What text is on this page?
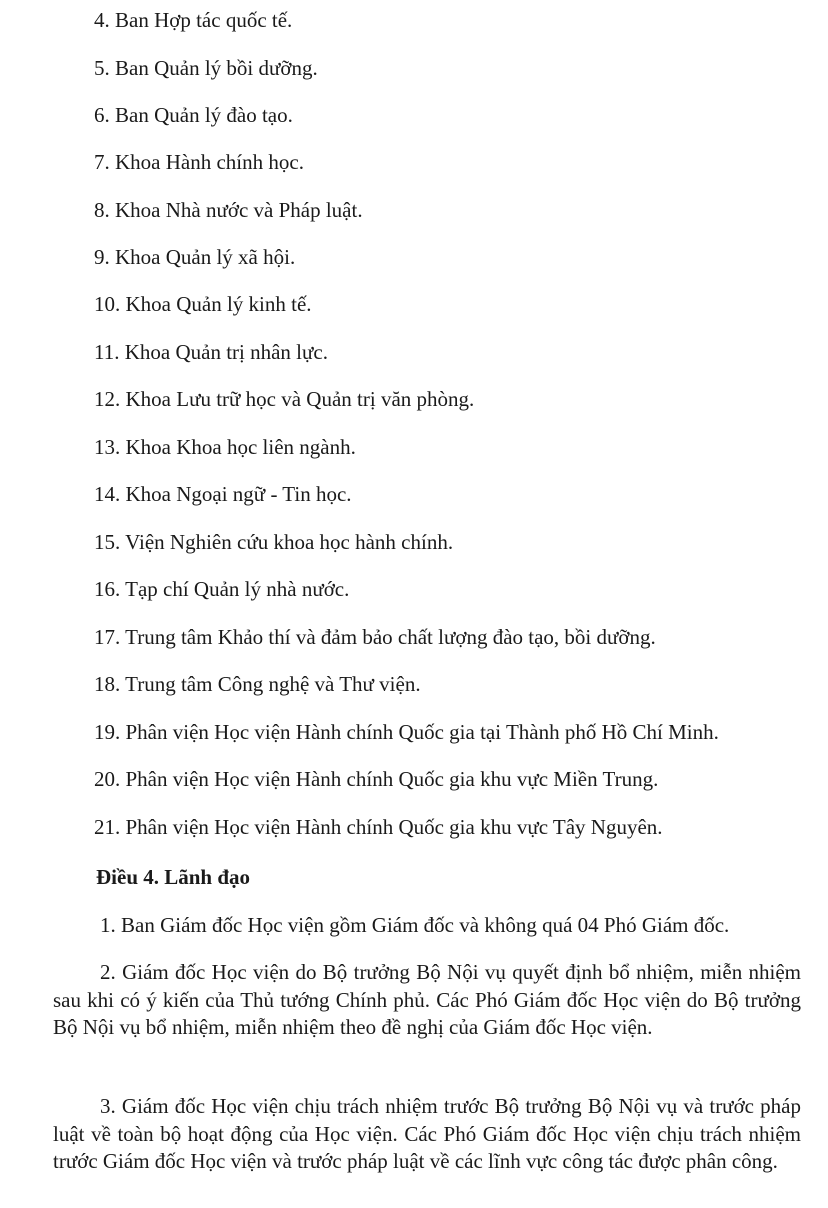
4. Ban Hợp tác quốc tế.
5. Ban Quản lý bồi dưỡng.
6. Ban Quản lý đào tạo.
7. Khoa Hành chính học.
8. Khoa Nhà nước và Pháp luật.
9. Khoa Quản lý xã hội.
10. Khoa Quản lý kinh tế.
11. Khoa Quản trị nhân lực.
12. Khoa Lưu trữ học và Quản trị văn phòng.
13. Khoa Khoa học liên ngành.
14. Khoa Ngoại ngữ - Tin học.
15. Viện Nghiên cứu khoa học hành chính.
16. Tạp chí Quản lý nhà nước.
17. Trung tâm Khảo thí và đảm bảo chất lượng đào tạo, bồi dưỡng.
18. Trung tâm Công nghệ và Thư viện.
19. Phân viện Học viện Hành chính Quốc gia tại Thành phố Hồ Chí Minh.
20. Phân viện Học viện Hành chính Quốc gia khu vực Miền Trung.
21. Phân viện Học viện Hành chính Quốc gia khu vực Tây Nguyên.
Điều 4. Lãnh đạo
1. Ban Giám đốc Học viện gồm Giám đốc và không quá 04 Phó Giám đốc.
2. Giám đốc Học viện do Bộ trưởng Bộ Nội vụ quyết định bổ nhiệm, miễn nhiệm sau khi có ý kiến của Thủ tướng Chính phủ. Các Phó Giám đốc Học viện do Bộ trưởng Bộ Nội vụ bổ nhiệm, miễn nhiệm theo đề nghị của Giám đốc Học viện.
3. Giám đốc Học viện chịu trách nhiệm trước Bộ trưởng Bộ Nội vụ và trước pháp luật về toàn bộ hoạt động của Học viện. Các Phó Giám đốc Học viện chịu trách nhiệm trước Giám đốc Học viện và trước pháp luật về các lĩnh vực công tác được phân công.
